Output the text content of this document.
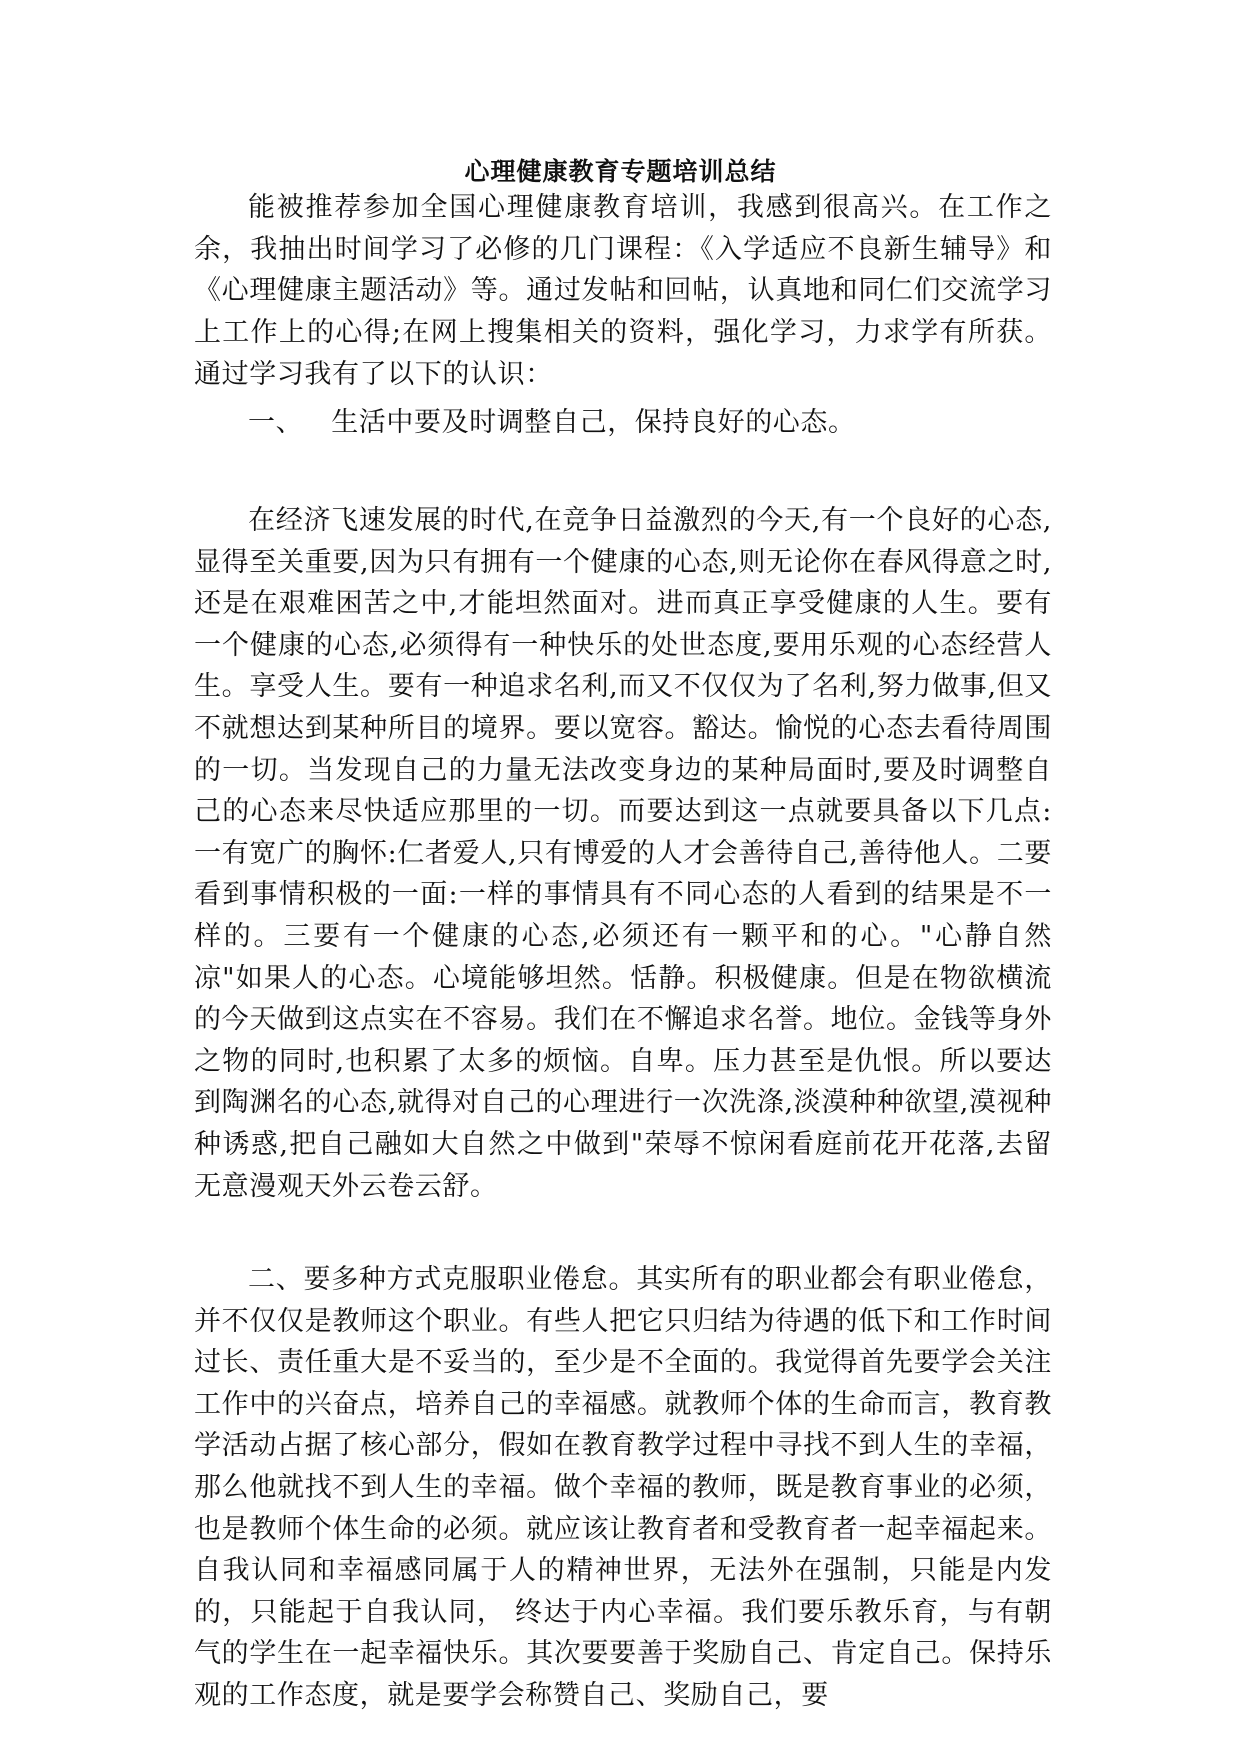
心理健康教育专题培训总结

能被推荐参加全国心理健康教育培训，我感到很高兴。在工作之余，我抽出时间学习了必修的几门课程：《入学适应不良新生辅导》和《心理健康主题活动》等。通过发帖和回帖，认真地和同仁们交流学习上工作上的心得;在网上搜集相关的资料，强化学习，力求学有所获。通过学习我有了以下的认识：

一、 生活中要及时调整自己，保持良好的心态。

在经济飞速发展的时代,在竞争日益激烈的今天,有一个良好的心态,显得至关重要,因为只有拥有一个健康的心态,则无论你在春风得意之时,还是在艰难困苦之中,才能坦然面对。进而真正享受健康的人生。要有一个健康的心态,必须得有一种快乐的处世态度,要用乐观的心态经营人生。享受人生。要有一种追求名利,而又不仅仅为了名利,努力做事,但又不就想达到某种所目的境界。要以宽容。豁达。愉悦的心态去看待周围的一切。当发现自己的力量无法改变身边的某种局面时,要及时调整自己的心态来尽快适应那里的一切。而要达到这一点就要具备以下几点:一有宽广的胸怀:仁者爱人,只有博爱的人才会善待自己,善待他人。二要看到事情积极的一面:一样的事情具有不同心态的人看到的结果是不一样的。三要有一个健康的心态,必须还有一颗平和的心。"心静自然凉"如果人的心态。心境能够坦然。恬静。积极健康。但是在物欲横流的今天做到这点实在不容易。我们在不懈追求名誉。地位。金钱等身外之物的同时,也积累了太多的烦恼。自卑。压力甚至是仇恨。所以要达到陶渊名的心态,就得对自己的心理进行一次洗涤,淡漠种种欲望,漠视种种诱惑,把自己融如大自然之中做到"荣辱不惊闲看庭前花开花落,去留无意漫观天外云卷云舒。

二、要多种方式克服职业倦怠。其实所有的职业都会有职业倦怠，并不仅仅是教师这个职业。有些人把它只归结为待遇的低下和工作时间过长、责任重大是不妥当的，至少是不全面的。我觉得首先要学会关注工作中的兴奋点，培养自己的幸福感。就教师个体的生命而言，教育教学活动占据了核心部分，假如在教育教学过程中寻找不到人生的幸福，那么他就找不到人生的幸福。做个幸福的教师，既是教育事业的必须，也是教师个体生命的必须。就应该让教育者和受教育者一起幸福起来。自我认同和幸福感同属于人的精神世界，无法外在强制，只能是内发的，只能起于自我认同， 终达于内心幸福。我们要乐教乐育，与有朝气的学生在一起幸福快乐。其次要要善于奖励自己、肯定自己。保持乐观的工作态度，就是要学会称赞自己、奖励自己，要
